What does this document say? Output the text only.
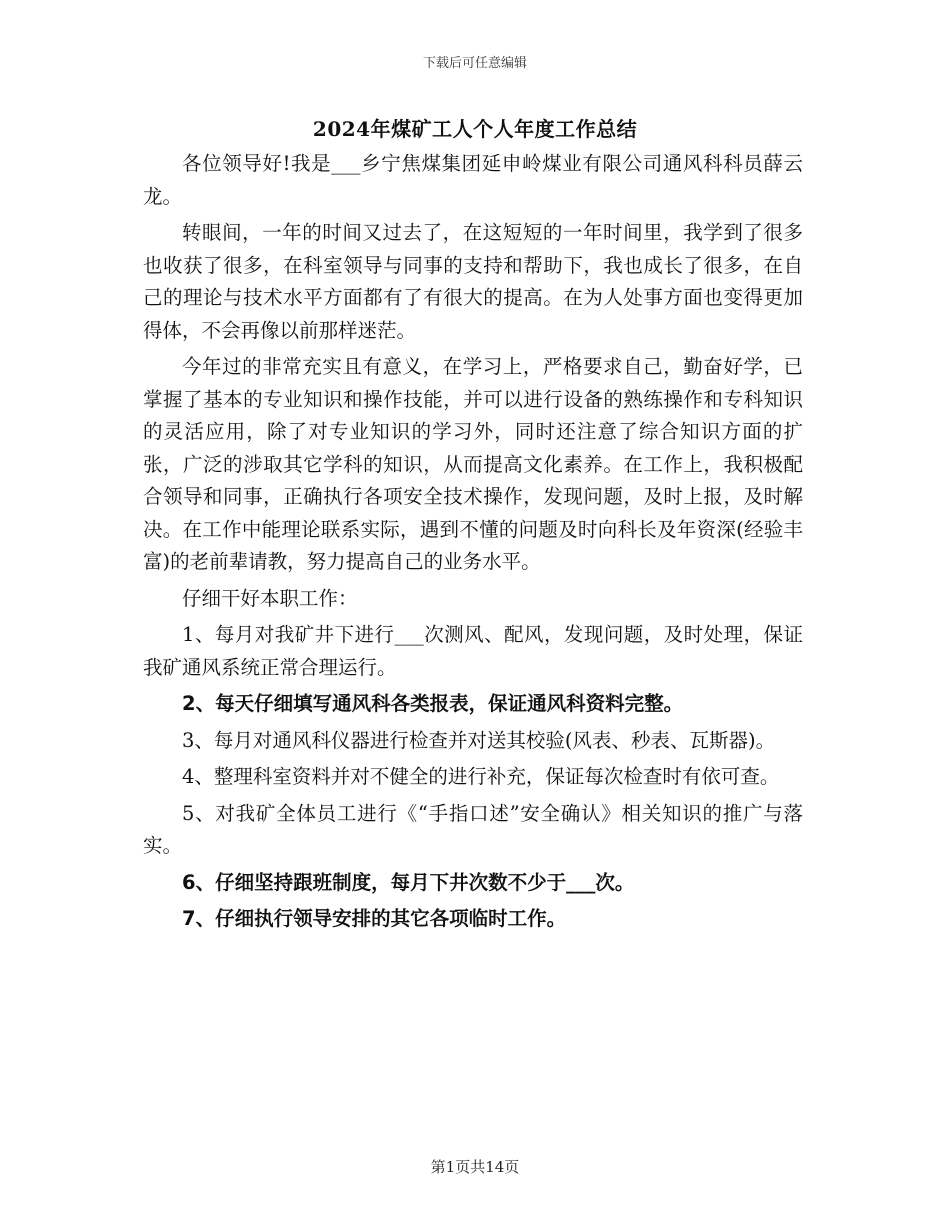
下载后可任意编辑
2024年煤矿工人个人年度工作总结

各位领导好!我是___乡宁焦煤集团延申岭煤业有限公司通风科科员薛云龙。

转眼间，一年的时间又过去了，在这短短的一年时间里，我学到了很多也收获了很多，在科室领导与同事的支持和帮助下，我也成长了很多，在自己的理论与技术水平方面都有了有很大的提高。在为人处事方面也变得更加得体，不会再像以前那样迷茫。

今年过的非常充实且有意义，在学习上，严格要求自己，勤奋好学，已掌握了基本的专业知识和操作技能，并可以进行设备的熟练操作和专科知识的灵活应用，除了对专业知识的学习外，同时还注意了综合知识方面的扩张，广泛的涉取其它学科的知识，从而提高文化素养。在工作上，我积极配合领导和同事，正确执行各项安全技术操作，发现问题，及时上报，及时解决。在工作中能理论联系实际，遇到不懂的问题及时向科长及年资深(经验丰富)的老前辈请教，努力提高自己的业务水平。

仔细干好本职工作：

1、每月对我矿井下进行___次测风、配风，发现问题，及时处理，保证我矿通风系统正常合理运行。

2、每天仔细填写通风科各类报表，保证通风科资料完整。

3、每月对通风科仪器进行检查并对送其校验(风表、秒表、瓦斯器)。

4、整理科室资料并对不健全的进行补充，保证每次检查时有依可查。

5、对我矿全体员工进行《“手指口述”安全确认》相关知识的推广与落实。

6、仔细坚持跟班制度，每月下井次数不少于___次。

7、仔细执行领导安排的其它各项临时工作。

第1页共14页
